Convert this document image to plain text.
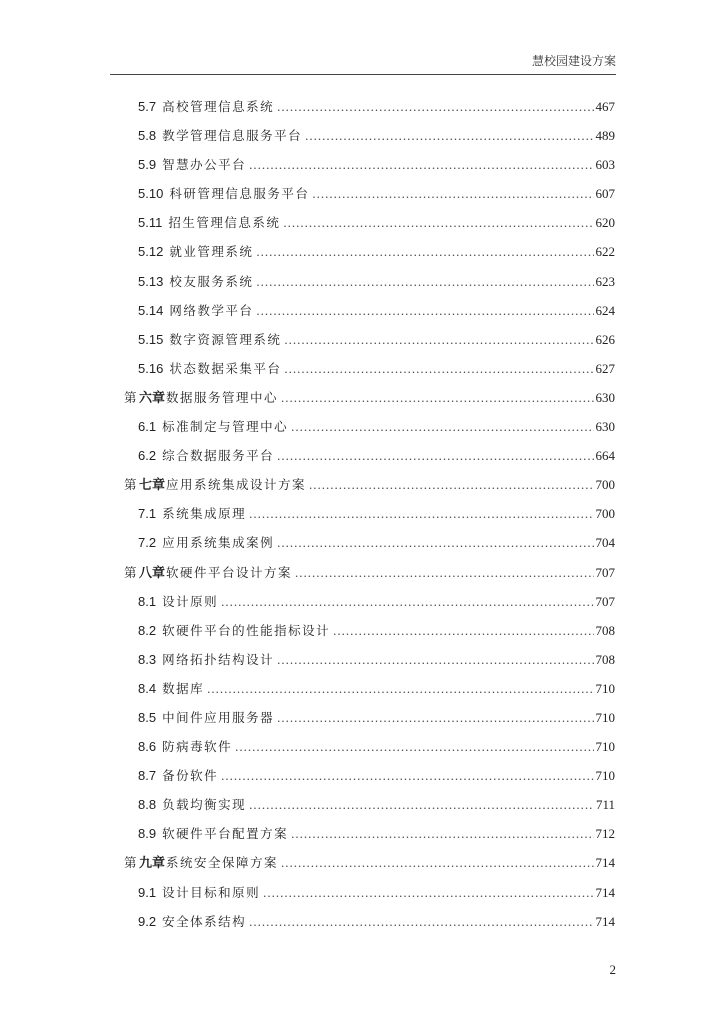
慧校园建设方案
5.7 高校管理信息系统 .....	467
5.8 教学管理信息服务平台 .....	489
5.9 智慧办公平台 .....	603
5.10 科研管理信息服务平台 .....	607
5.11 招生管理信息系统 .....	620
5.12 就业管理系统 .....	622
5.13 校友服务系统 .....	623
5.14 网络教学平台 .....	624
5.15 数字资源管理系统 .....	626
5.16 状态数据采集平台 .....	627
第 六章 数据服务管理中心 .....	630
6.1 标准制定与管理中心 .....	630
6.2 综合数据服务平台 .....	664
第 七章 应用系统集成设计方案 .....	700
7.1 系统集成原理 .....	700
7.2 应用系统集成案例 .....	704
第 八章 软硬件平台设计方案 .....	707
8.1 设计原则 .....	707
8.2 软硬件平台的性能指标设计 .....	708
8.3 网络拓扑结构设计 .....	708
8.4 数据库 .....	710
8.5 中间件应用服务器 .....	710
8.6 防病毒软件 .....	710
8.7 备份软件 .....	710
8.8 负载均衡实现 .....	711
8.9 软硬件平台配置方案 .....	712
第 九章 系统安全保障方案 .....	714
9.1 设计目标和原则 .....	714
9.2 安全体系结构 .....	714
2
